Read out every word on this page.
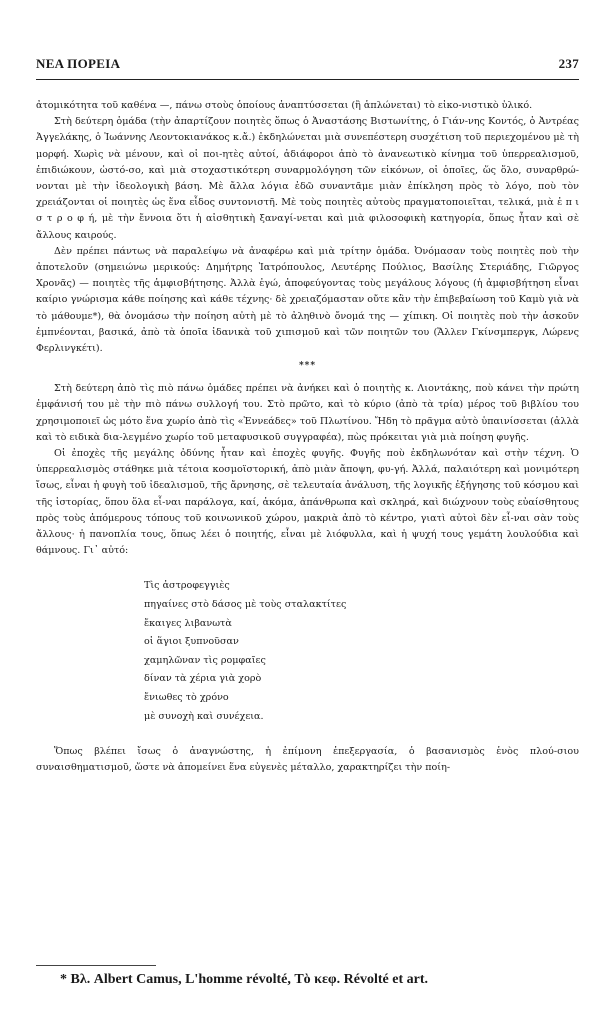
ΝΕΑ ΠΟΡΕΙΑ	237

ἀτομικότητα τοῦ καθένα —, πάνω στοὺς ὁποίους ἀναπτύσσεται (ἢ ἁπλώνεται) τὸ εἰκο-νιστικὸ ὑλικό.

Στὴ δεύτερη ὁμάδα (τὴν ἀπαρτίζουν ποιητὲς ὅπως ὁ Ἀναστάσης Βιστωνίτης, ὁ Γιάν-νης Κοντός, ὁ Ἀντρέας Ἀγγελάκης, ὁ Ἰωάννης Λεοντοκιανάκος κ.ἄ.) ἐκδηλώνεται μιὰ συνεπέστερη συσχέτιση τοῦ περιεχομένου μὲ τὴ μορφή. Χωρὶς νὰ μένουν, καὶ οἱ ποι-ητὲς αὐτοί, ἀδιάφοροι ἀπὸ τὸ ἀνανεωτικὸ κίνημα τοῦ ὑπερρεαλισμοῦ, ἐπιδιώκουν, ὡστό-σο, καὶ μιὰ στοχαστικότερη συναρμολόγηση τῶν εἰκόνων, οἱ ὁποῖες, ὥς ὅλο, συναρθρώ-νονται μὲ τὴν ἰδεολογικὴ βάση. Μὲ ἄλλα λόγια ἐδῶ συναντᾶμε μιὰν ἐπίκληση πρὸς τὸ λόγο, ποὺ τὸν χρειάζονται οἱ ποιητὲς ὡς ἕνα εἶδος συντονιστῆ. Μὲ τοὺς ποιητὲς αὐτοὺς πραγματοποιεῖται, τελικά, μιὰ ἐ π ι σ τ ρ ο φ ή, μὲ τὴν ἔννοια ὅτι ἡ αἰσθητικὴ ξαναγί-νεται καὶ μιὰ φιλοσοφικὴ κατηγορία, ὅπως ἦταν καὶ σὲ ἄλλους καιρούς.

Δὲν πρέπει πάντως νὰ παραλείψω νὰ ἀναφέρω καὶ μιὰ τρίτην ὁμάδα. Ὀνόμασαν τοὺς ποιητὲς ποὺ τὴν ἀποτελοῦν (σημειώνω μερικούς: Δημήτρης Ἰατρόπουλος, Λευτέρης Πούλιος, Βασίλης Στεριάδης, Γιῶργος Χρονᾶς) — ποιητὲς τῆς ἀμφισβήτησης. Ἀλλὰ ἐγώ, ἀποφεύγοντας τοὺς μεγάλους λόγους (ἡ ἀμφισβήτηση εἶναι καίριο γνώρισμα κάθε ποίησης καὶ κάθε τέχνης· δὲ χρειαζόμασταν οὔτε κἂν τὴν ἐπιβεβαίωση τοῦ Καμὺ γιὰ νὰ τὸ μάθουμε*), θὰ ὀνομάσω τὴν ποίηση αὐτὴ μὲ τὸ ἀληθινὸ ὄνομά της — χίπικη. Οἱ ποιητὲς ποὺ τὴν ἀσκοῦν ἐμπνέονται, βασικά, ἀπὸ τὰ ὁποῖα ἰδανικὰ τοῦ χιπισμοῦ καὶ τῶν ποιητῶν του (Ἄλλεν Γκίνσμπεργκ, Λώρενς Φερλινγκέτι).

***

Στὴ δεύτερη ἀπὸ τὶς πιὸ πάνω ὁμάδες πρέπει νὰ ἀνήκει καὶ ὁ ποιητὴς κ. Λιοντάκης, ποὺ κάνει τὴν πρώτη ἐμφάνισή του μὲ τὴν πιὸ πάνω συλλογή του. Στὸ πρῶτο, καὶ τὸ κύριο (ἀπὸ τὰ τρία) μέρος τοῦ βιβλίου του χρησιμοποιεῖ ὡς μότο ἕνα χωρίο ἀπὸ τὶς «Ἐννεάδες» τοῦ Πλωτίνου. Ἤδη τὸ πρᾶγμα αὐτὸ ὑπαινίσσεται (ἀλλὰ καὶ τὸ ειδικὰ δια-λεγμένο χωρίο τοῦ μεταφυσικοῦ συγγραφέα), πὼς πρόκειται γιὰ μιὰ ποίηση φυγῆς.

Οἱ ἐποχὲς τῆς μεγάλης ὀδύνης ἦταν καὶ ἐποχὲς φυγῆς. Φυγῆς ποὺ ἐκδηλωνόταν καὶ στὴν τέχνη. Ὁ ὑπερρεαλισμὸς στάθηκε μιὰ τέτοια κοσμοϊστορική, ἀπὸ μιὰν ἄποψη, φυ-γή. Ἀλλά, παλαιότερη καὶ μονιμότερη ἴσως, εἶναι ἡ φυγὴ τοῦ ἰδεαλισμοῦ, τῆς ἄρνησης, σὲ τελευταία ἀνάλυση, τῆς λογικῆς ἐξήγησης τοῦ κόσμου καὶ τῆς ἱστορίας, ὅπου ὅλα εἶ-ναι παράλογα, καί, ἀκόμα, ἀπάνθρωπα καὶ σκληρά, καὶ διώχνουν τοὺς εὐαίσθητους πρὸς τοὺς ἀπόμερους τόπους τοῦ κοινωνικοῦ χώρου, μακριὰ ἀπὸ τὸ κέντρο, γιατὶ αὐτοὶ δὲν εἶ-ναι σὰν τοὺς ἄλλους· ἡ πανοπλία τους, ὅπως λέει ὁ ποιητής, εἶναι μὲ λιόφυλλα, καὶ ἡ ψυχή τους γεμάτη λουλούδια καὶ θάμνους. Γι᾽ αὐτό:

Τὶς ἀστροφεγγιὲς
πηγαίνες στὸ δάσος μὲ τοὺς σταλακτίτες
ἔκαιγες λιβανωτὰ
οἱ ἅγιοι ξυπνοῦσαν
χαμηλῶναν τὶς ρομφαῖες
δίναν τὰ χέρια γιὰ χορὸ
ἔνιωθες τὸ χρόνο
μὲ συνοχὴ καὶ συνέχεια.

Ὅπως βλέπει ἴσως ὁ ἀναγνώστης, ἡ ἐπίμονη ἐπεξεργασία, ὁ βασανισμὸς ἑνὸς πλού-σιου συναισθηματισμοῦ, ὥστε νὰ ἀπομείνει ἕνα εὐγενὲς μέταλλο, χαρακτηρίζει τὴν ποίη-

* Βλ. Albert Camus, L'homme révolté, Τὸ κεφ. Révolté et art.
